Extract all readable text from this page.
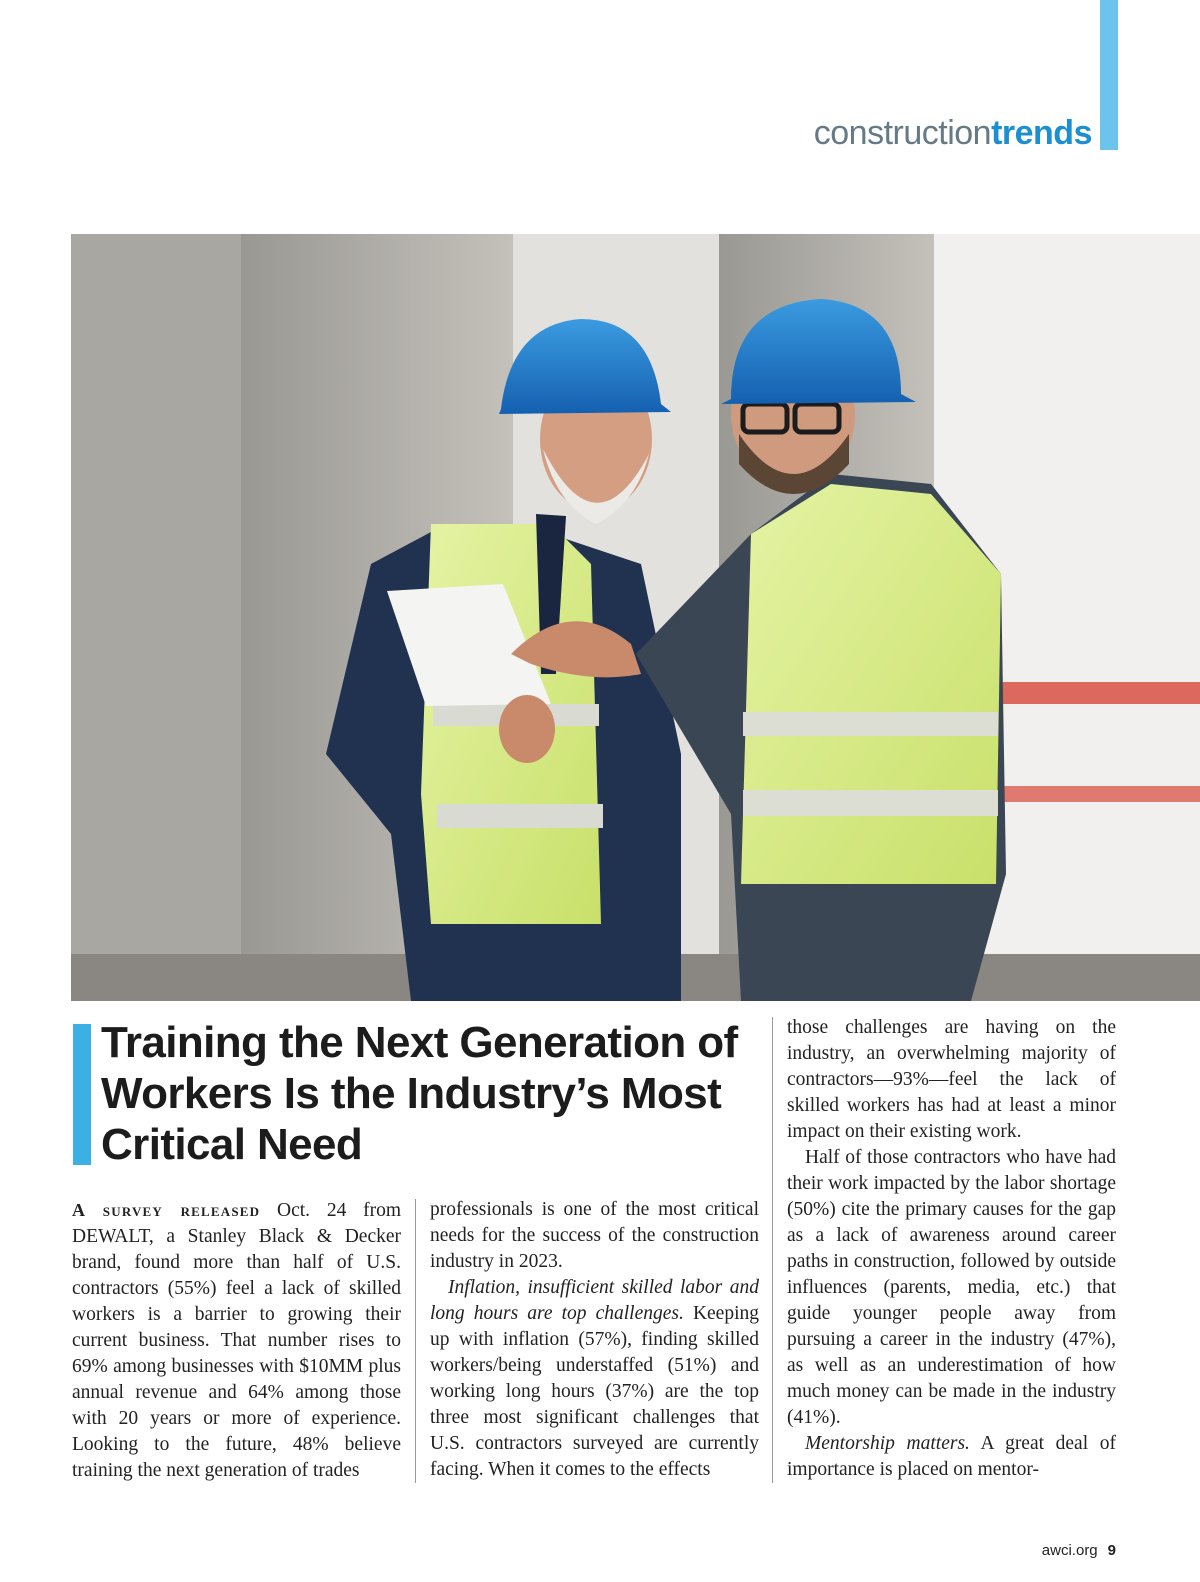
constructiontrends
Training the Next Generation of Workers Is the Industry’s Most Critical Need

A survey released Oct. 24 from DEWALT, a Stanley Black & Decker brand, found more than half of U.S. contractors (55%) feel a lack of skilled workers is a barrier to growing their current business. That number rises to 69% among businesses with $10MM plus annual revenue and 64% among those with 20 years or more of experience. Looking to the future, 48% believe training the next generation of trades

professionals is one of the most critical needs for the success of the construction industry in 2023.

Inflation, insufficient skilled labor and long hours are top challenges. Keeping up with inflation (57%), finding skilled workers/being understaffed (51%) and working long hours (37%) are the top three most significant challenges that U.S. contractors surveyed are currently facing. When it comes to the effects

those challenges are having on the industry, an overwhelming majority of contractors—93%—feel the lack of skilled workers has had at least a minor impact on their existing work.

Half of those contractors who have had their work impacted by the labor shortage (50%) cite the primary causes for the gap as a lack of awareness around career paths in construction, followed by outside influences (parents, media, etc.) that guide younger people away from pursuing a career in the industry (47%), as well as an underestimation of how much money can be made in the industry (41%).

Mentorship matters. A great deal of importance is placed on mentor-

awci.org 9
